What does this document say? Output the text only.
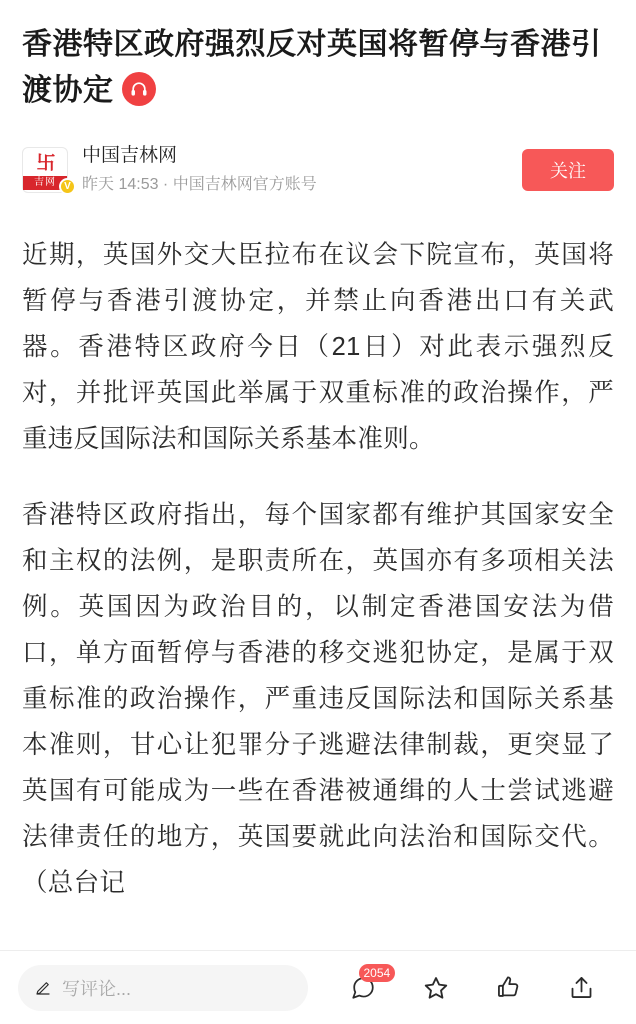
香港特区政府强烈反对英国将暂停与香港引渡协定
卐
吉网 V
中国吉林网
昨天 14:53 · 中国吉林网官方账号
关注

近期，英国外交大臣拉布在议会下院宣布，英国将暂停与香港引渡协定，并禁止向香港出口有关武器。香港特区政府今日（21日）对此表示强烈反对，并批评英国此举属于双重标准的政治操作，严重违反国际法和国际关系基本准则。

香港特区政府指出，每个国家都有维护其国家安全和主权的法例，是职责所在，英国亦有多项相关法例。英国因为政治目的，以制定香港国安法为借口，单方面暂停与香港的移交逃犯协定，是属于双重标准的政治操作，严重违反国际法和国际关系基本准则，甘心让犯罪分子逃避法律制裁，更突显了英国有可能成为一些在香港被通缉的人士尝试逃避法律责任的地方，英国要就此向法治和国际交代。（总台记

写评论...
2054
